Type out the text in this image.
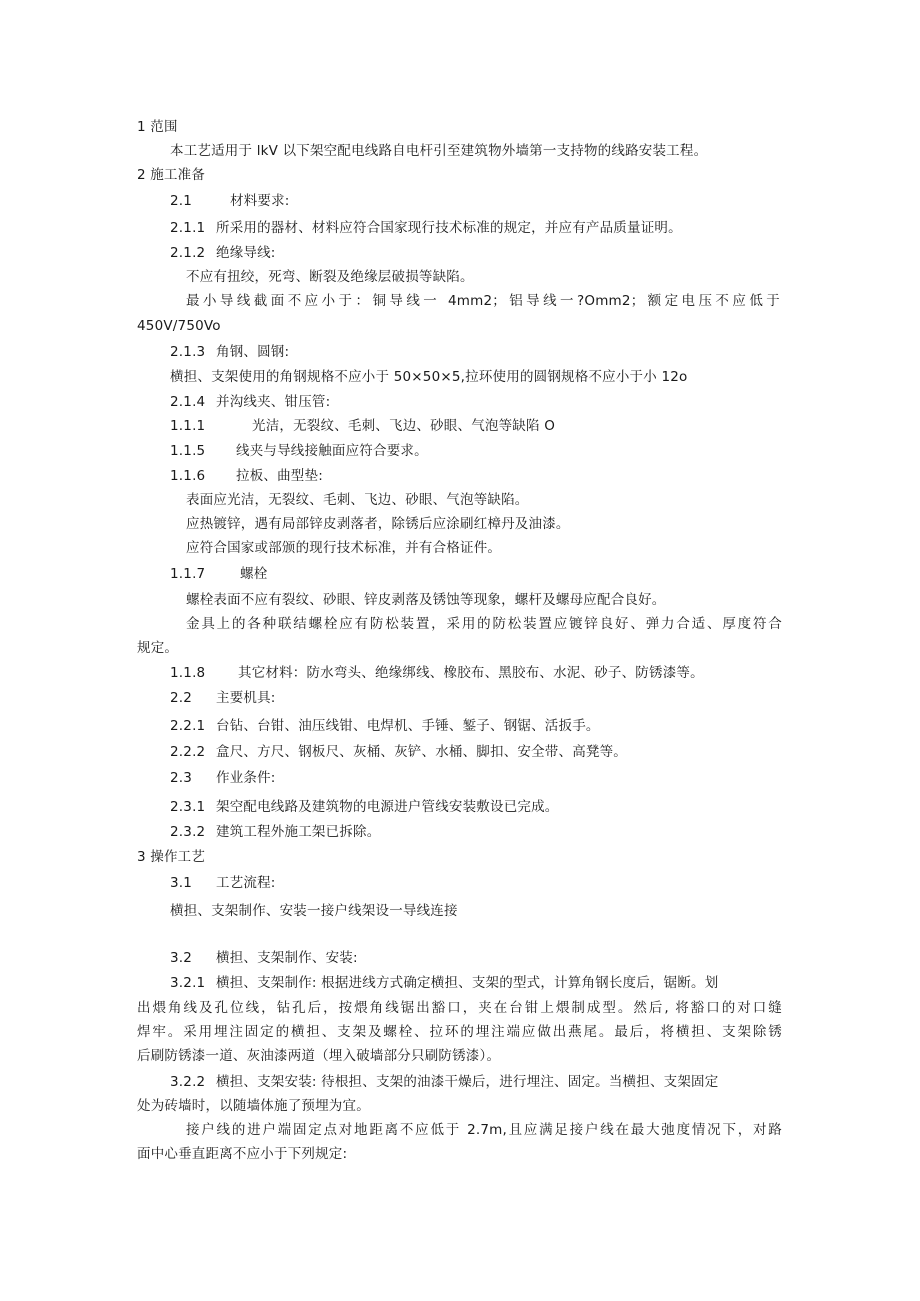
1 范围
本工艺适用于 lkV 以下架空配电线路自电杆引至建筑物外墙第一支持物的线路安装工程。
2 施工准备
2.1	材料要求:
2.1.1 所采用的器材、材料应符合国家现行技术标准的规定，并应有产品质量证明。
2.1.2 绝缘导线:
不应有扭绞，死弯、断裂及绝缘层破损等缺陷。
最小导线截面不应小于：铜导线一 4mm2；铝导线一?Omm2；额定电压不应低于
450V/750Vo
2.1.3 角钢、圆钢:
横担、支架使用的角钢规格不应小于 50×50×5,拉环使用的圆钢规格不应小于小 12o
2.1.4 并沟线夹、钳压管:
1.1.1	光洁，无裂纹、毛刺、飞边、砂眼、气泡等缺陷 O
1.1.5 线夹与导线接触面应符合要求。
1.1.6 拉板、曲型垫:
表面应光洁，无裂纹、毛刺、飞边、砂眼、气泡等缺陷。
应热镀锌，遇有局部锌皮剥落者，除锈后应涂刷红樟丹及油漆。
应符合国家或部颁的现行技术标准，并有合格证件。
1.1.7	螺栓
螺栓表面不应有裂纹、砂眼、锌皮剥落及锈蚀等现象，螺杆及螺母应配合良好。
金具上的各种联结螺栓应有防松装置，采用的防松装置应镀锌良好、弹力合适、厚度符合
规定。
1.1.8 其它材料：防水弯头、绝缘绑线、橡胶布、黑胶布、水泥、砂子、防锈漆等。
2.2 主要机具:
2.2.1 台钻、台钳、油压线钳、电焊机、手锤、錾子、钢锯、活扳手。
2.2.2 盒尺、方尺、钢板尺、灰桶、灰铲、水桶、脚扣、安全带、高凳等。
2.3 作业条件:
2.3.1 架空配电线路及建筑物的电源进户管线安装敷设已完成。
2.3.2 建筑工程外施工架已拆除。
3 操作工艺
3.1 工艺流程:
横担、支架制作、安装一接户线架设一导线连接
3.2 横担、支架制作、安装:
3.2.1 横担、支架制作: 根据进线方式确定横担、支架的型式，计算角钢长度后，锯断。划
出煨角线及孔位线，钻孔后，按煨角线锯出豁口，夹在台钳上煨制成型。然后, 将豁口的对口缝
焊牢。采用埋注固定的横担、支架及螺栓、拉环的埋注端应做出燕尾。最后，将横担、支架除锈
后刷防锈漆一道、灰油漆两道（埋入破墙部分只刷防锈漆）。
3.2.2 横担、支架安装: 待根担、支架的油漆干燥后，进行埋注、固定。当横担、支架固定
处为砖墙时，以随墙体施了预埋为宜。
接户线的进户端固定点对地距离不应低于 2.7m,且应满足接户线在最大弛度情况下，对路
面中心垂直距离不应小于下列规定:
